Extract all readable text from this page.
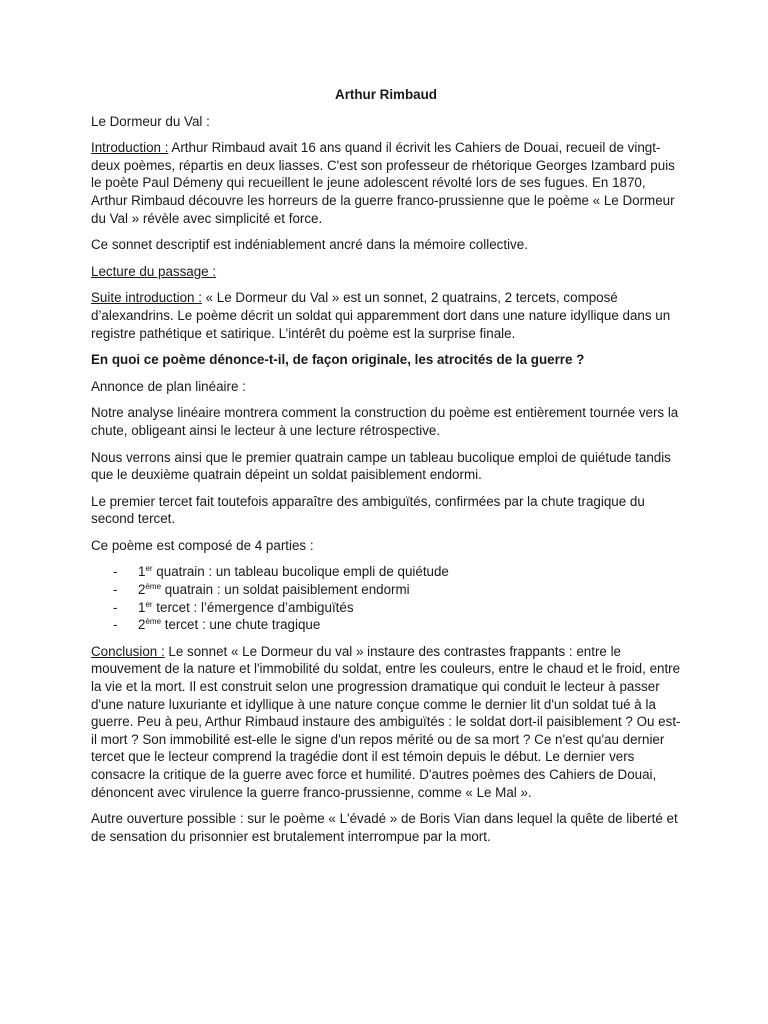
Arthur Rimbaud

Le Dormeur du Val :

Introduction : Arthur Rimbaud avait 16 ans quand il écrivit les Cahiers de Douai, recueil de vingt-deux poèmes, répartis en deux liasses. C'est son professeur de rhétorique Georges Izambard puis le poète Paul Démeny qui recueillent le jeune adolescent révolté lors de ses fugues. En 1870, Arthur Rimbaud découvre les horreurs de la guerre franco-prussienne que le poème « Le Dormeur du Val » révèle avec simplicité et force.

Ce sonnet descriptif est indéniablement ancré dans la mémoire collective.

Lecture du passage :

Suite introduction : « Le Dormeur du Val » est un sonnet, 2 quatrains, 2 tercets, composé d’alexandrins. Le poème décrit un soldat qui apparemment dort dans une nature idyllique dans un registre pathétique et satirique. L’intérêt du poème est la surprise finale.

En quoi ce poème dénonce-t-il, de façon originale, les atrocités de la guerre ?

Annonce de plan linéaire :

Notre analyse linéaire montrera comment la construction du poème est entièrement tournée vers la chute, obligeant ainsi le lecteur à une lecture rétrospective.

Nous verrons ainsi que le premier quatrain campe un tableau bucolique emploi de quiétude tandis que le deuxième quatrain dépeint un soldat paisiblement endormi.

Le premier tercet fait toutefois apparaître des ambiguïtés, confirmées par la chute tragique du second tercet.

Ce poème est composé de 4 parties :

- 1er quatrain : un tableau bucolique empli de quiétude
- 2ème quatrain : un soldat paisiblement endormi
- 1er tercet : l’émergence d’ambiguïtés
- 2ème tercet : une chute tragique

Conclusion : Le sonnet « Le Dormeur du val » instaure des contrastes frappants : entre le mouvement de la nature et l'immobilité du soldat, entre les couleurs, entre le chaud et le froid, entre la vie et la mort. Il est construit selon une progression dramatique qui conduit le lecteur à passer d'une nature luxuriante et idyllique à une nature conçue comme le dernier lit d'un soldat tué à la guerre. Peu à peu, Arthur Rimbaud instaure des ambiguïtés : le soldat dort-il paisiblement ? Ou est-il mort ? Son immobilité est-elle le signe d'un repos mérité ou de sa mort ? Ce n'est qu'au dernier tercet que le lecteur comprend la tragédie dont il est témoin depuis le début. Le dernier vers consacre la critique de la guerre avec force et humilité. D'autres poèmes des Cahiers de Douai, dénoncent avec virulence la guerre franco-prussienne, comme « Le Mal ».

Autre ouverture possible : sur le poème « L'évadé » de Boris Vian dans lequel la quête de liberté et de sensation du prisonnier est brutalement interrompue par la mort.
